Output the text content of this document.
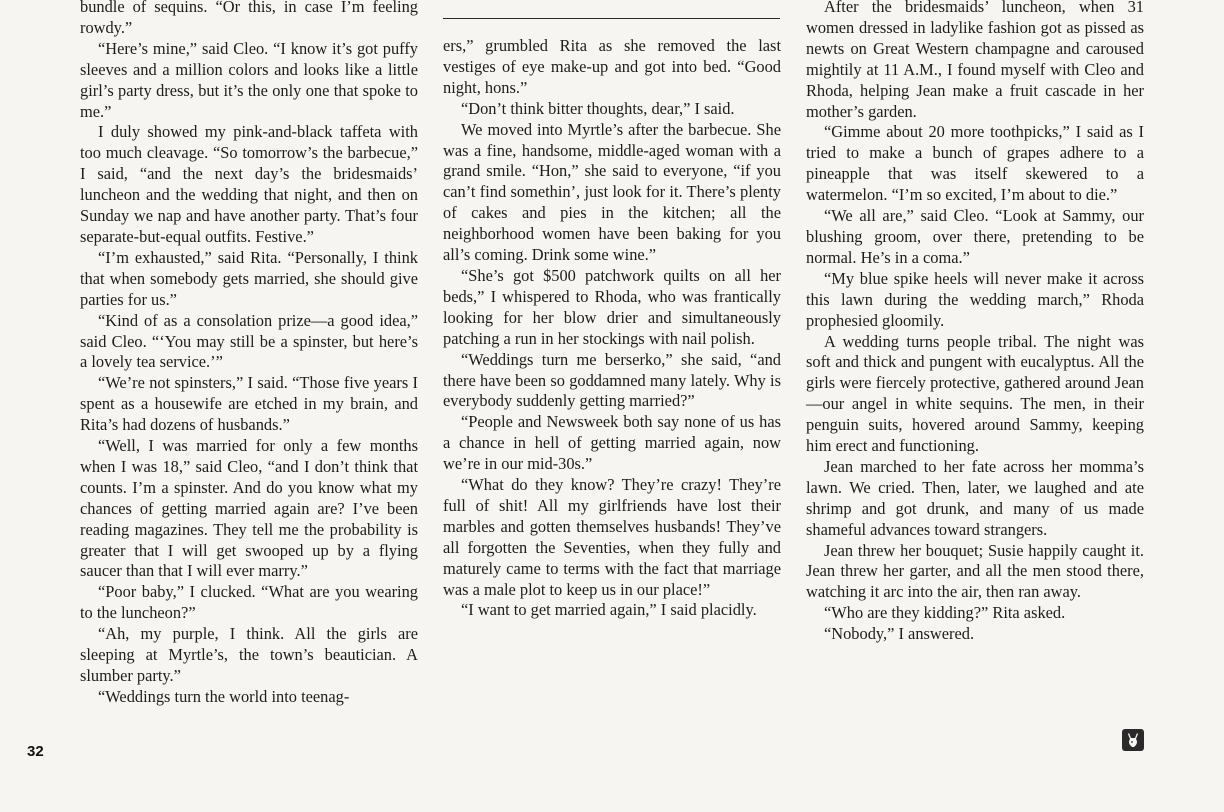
bundle of sequins. “Or this, in case I’m feeling rowdy.”

“Here’s mine,” said Cleo. “I know it’s got puffy sleeves and a million colors and looks like a little girl’s party dress, but it’s the only one that spoke to me.”

I duly showed my pink-and-black taffeta with too much cleavage. “So tomorrow’s the barbecue,” I said, “and the next day’s the bridesmaids’ luncheon and the wedding that night, and then on Sunday we nap and have another party. That’s four separate-but-equal outfits. Festive.”

“I’m exhausted,” said Rita. “Personally, I think that when somebody gets married, she should give parties for us.”

“Kind of as a consolation prize—a good idea,” said Cleo. “‘You may still be a spinster, but here’s a lovely tea service.’”

“We’re not spinsters,” I said. “Those five years I spent as a housewife are etched in my brain, and Rita’s had dozens of husbands.”

“Well, I was married for only a few months when I was 18,” said Cleo, “and I don’t think that counts. I’m a spinster. And do you know what my chances of getting married again are? I’ve been reading magazines. They tell me the probability is greater that I will get swooped up by a flying saucer than that I will ever marry.”

“Poor baby,” I clucked. “What are you wearing to the luncheon?”

“Ah, my purple, I think. All the girls are sleeping at Myrtle’s, the town’s beautician. A slumber party.”

“Weddings turn the world into teenag-

ers,” grumbled Rita as she removed the last vestiges of eye make-up and got into bed. “Good night, hons.”

“Don’t think bitter thoughts, dear,” I said.

We moved into Myrtle’s after the barbecue. She was a fine, handsome, middle-aged woman with a grand smile. “Hon,” she said to everyone, “if you can’t find somethin’, just look for it. There’s plenty of cakes and pies in the kitchen; all the neighborhood women have been baking for you all’s coming. Drink some wine.”

“She’s got $500 patchwork quilts on all her beds,” I whispered to Rhoda, who was frantically looking for her blow drier and simultaneously patching a run in her stockings with nail polish.

“Weddings turn me berserko,” she said, “and there have been so goddamned many lately. Why is everybody suddenly getting married?”

“People and Newsweek both say none of us has a chance in hell of getting married again, now we’re in our mid-30s.”

“What do they know? They’re crazy! They’re full of shit! All my girlfriends have lost their marbles and gotten themselves husbands! They’ve all forgotten the Seventies, when they fully and maturely came to terms with the fact that marriage was a male plot to keep us in our place!”

“I want to get married again,” I said placidly.

After the bridesmaids’ luncheon, when 31 women dressed in ladylike fashion got as pissed as newts on Great Western champagne and caroused mightily at 11 A.M., I found myself with Cleo and Rhoda, helping Jean make a fruit cascade in her mother’s garden.

“Gimme about 20 more toothpicks,” I said as I tried to make a bunch of grapes adhere to a pineapple that was itself skewered to a watermelon. “I’m so excited, I’m about to die.”

“We all are,” said Cleo. “Look at Sammy, our blushing groom, over there, pretending to be normal. He’s in a coma.”

“My blue spike heels will never make it across this lawn during the wedding march,” Rhoda prophesied gloomily.

A wedding turns people tribal. The night was soft and thick and pungent with eucalyptus. All the girls were fiercely protective, gathered around Jean—our angel in white sequins. The men, in their penguin suits, hovered around Sammy, keeping him erect and functioning.

Jean marched to her fate across her momma’s lawn. We cried. Then, later, we laughed and ate shrimp and got drunk, and many of us made shameful advances toward strangers.

Jean threw her bouquet; Susie happily caught it. Jean threw her garter, and all the men stood there, watching it arc into the air, then ran away.

“Who are they kidding?” Rita asked.

“Nobody,” I answered.

32
